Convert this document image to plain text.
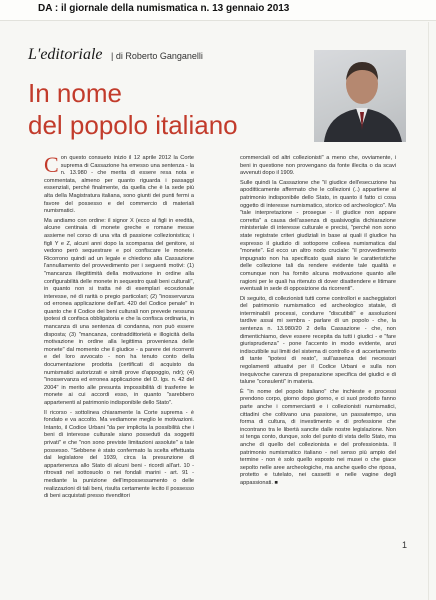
DA : il giornale della numismatica n. 13 gennaio 2013
L'editoriale | di Roberto Ganganelli
In nome
del popolo italiano
C on questo consueto inizio il 12 aprile 2012 la Corte suprema di Cassazione ha emesso una sentenza - la n. 13.980 - che merita di essere resa nota e commentata, almeno per quanto riguarda i passaggi essenziali, perché finalmente, da quella che è la sede più alta della Magistratura italiana, sono giunti dei punti fermi a favore del possesso e del commercio di materiali numismatici.

Ma andiamo con ordine: il signor X (ecco al figli in eredità, alcune centinaia di monete greche e romane messe assieme nel corso di una vita di passione collezionistica; i figli Y e Z, alcuni anni dopo la scomparsa del genitore, si vedono però sequestrare e poi confiscare le monete. Ricorrono quindi ad un legale e chiedono alla Cassazione l'annullamento del provvedimento per i seguenti motivi: (1) "mancanza illegittimità della motivazione in ordine alla configurabilità delle monete in sequestro quali beni culturali", in quanto non si tratta né di esemplari eccezionale interesse, né di rarità o pregio particolari; (2) "inosservanza od erronea applicazione dell'art. 420 del Codice penale" in quanto che il Codice dei beni culturali non prevede nessuna ipotesi di confisca obbligatoria e che la confisca ordinaria, in mancanza di una sentenza di condanna, non può essere disposta; (3) "mancanza, contraddittorietà e illogicità della motivazione in ordine alla legittima provenienza delle monete" dal momento che il giudice - a parere dei ricorrenti e del loro avvocato - non ha tenuto conto della documentazione prodotta (certificati di acquisto da numismatici autorizzati e simili prove d'appoggio, ndr); (4) "inosservanza ed erronea applicazione del D. lgs. n. 42 del 2004" in merito alle presunta impossibilità di trasferire le monete ai cui accordi esso, in quanto "sarebbero appartenenti al patrimonio indisponibile dello Stato".

Il ricorso - sottolinea chiaramente la Corte suprema - è fondato e va accolto. Ma vediamone meglio le motivazioni. Intanto, il Codice Urbani "da per implicita la possibilità che i beni di interesse culturale siano posseduti da soggetti privati" e che "non sono previste limitazioni assolute" a tale possesso. "Sebbene è stato confermato la scelta effettuata dal legislatore del 1939, circa la presunzione di appartenenza allo Stato di alcuni beni - ricordi all'art. 10 - ritrovati nel sottosuolo o nei fondali marini - art. 91 - mediante la punizione dell'impossessamento o delle realizzazioni di tali beni, risulta certamente lecito il possesso di beni acquistati presso rivenditori

commerciali od altri collezionisti" a meno che, ovviamente, i beni in questione non provengano da fonte illecita o da scavi avvenuti dopo il 1909.

Sulle quindi la Cassazione che "il giudice dell'esecuzione ha apoditticamente affermato che le collezioni (..) appartiene al patrimonio indisponibile dello Stato, in quanto il fatto ci cosa oggetto di interesse numismatico, storico od archeologico". Ma "tale interpretazione - prosegue - il giudice non appare corretta" a causa dell'assenza di qualsivoglia dichiarazione ministeriale di interesse culturale e precisi, "perché non sono state registrate criteri giudiziali in base ai quali il giudice ha espresso il giudizio di sottoporre colleea numismatica dal "monete". Ed ecco un altro nodo cruciale: "il provvedimento impugnato non ha specificato quali siano le caratteristiche delle collezione tali da rendere evidente tale qualità e comunque non ha fornito alcuna motivazione quanto alle ragioni per le quali ha ritenuto di dover disattendere e litimare eventuali in sede di opposizione da ricorrenti".

Di seguito, di collezionisti tutti come controllori e sacheggiatori del patrimonio numismatico ed archeologico statale, di interminabili processi, condurre "discutibili" e assoluzioni tardive assai mi sembra - parlare di un popolo - che, la sentenza n. 13.980/20 2 della Cassazione - che, non dimentichiamo, deve essere recepita da tutti i giudici - e "fare giurisprudenza" - pone l'accento in modo evidente, anzi indiscutibile sui limiti del sistema di controllo e di accertamento di tante "ipotesi di reato", sull'assenza dei necessari regolamenti attuativi per il Codice Urbani e sulla non inequivoche carenza di preparazione specifica dei giudici e di talune "consulenti" in materia.

È "in nome del popolo italiano" che inchieste e processi prendono corpo, giorno dopo giorno, e ci suol prodotto fanno parte anche i commercianti e i collezionisti numismatici, cittadini che coltivano una passione, un passatempo, una forma di cultura, di investimento e di professione che incontrano tra le libertà sancite dalle nostre legislazione. Non si tenga conto, dunque, solo del punto di vista dello Stato, ma anche di quello del collezionista e del professionista. Il patrimonio numismatico italiano - nel senso più ampio del termine - non è solo quello esposto nei musei o che giace sepolto nelle aree archeologiche, ma anche quello che riposa, protetto e tutelato, nei cassetti e nelle vagine degli appassionati. ■

1
